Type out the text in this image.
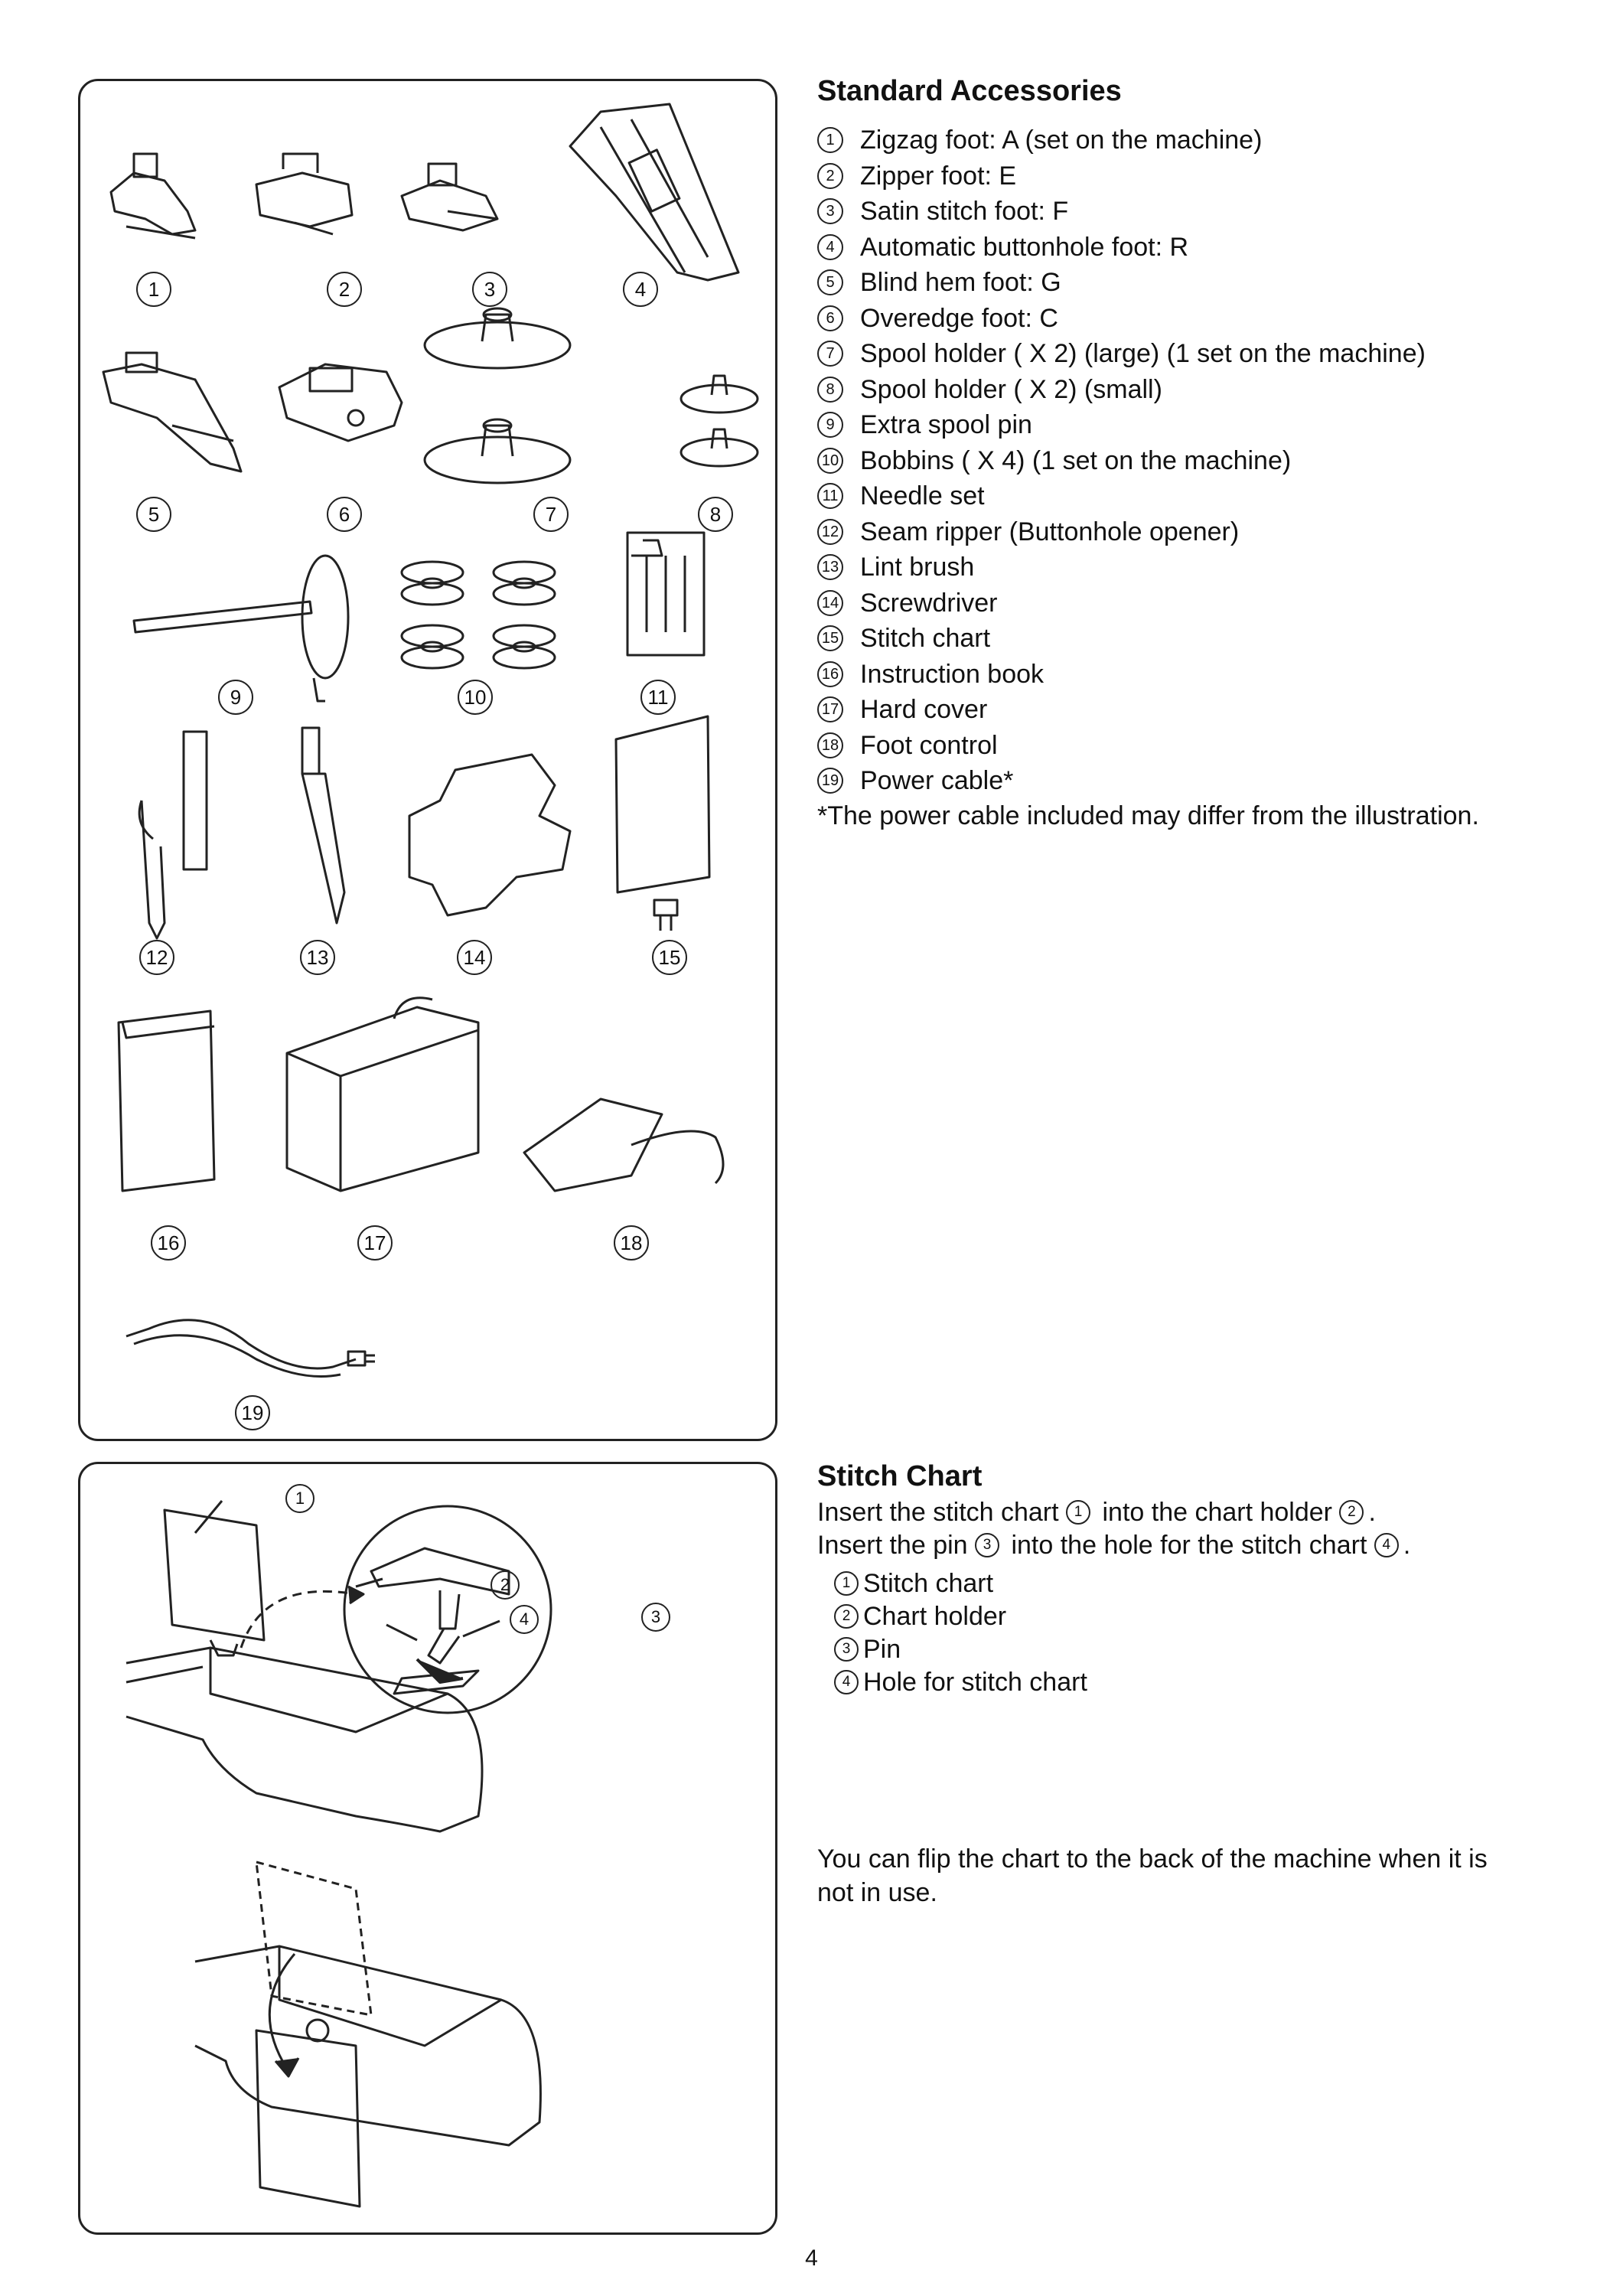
1	2	3	4
5	6	7	8
9	10	11
12	13	14	15
16	17	18
19
Standard Accessories
1 Zigzag foot: A (set on the machine)
2 Zipper foot: E
3 Satin stitch foot: F
4 Automatic buttonhole foot: R
5 Blind hem foot: G
6 Overedge foot: C
7 Spool holder ( X 2) (large) (1 set on the machine)
8 Spool holder ( X 2) (small)
9 Extra spool pin
10 Bobbins ( X 4) (1 set on the machine)
11 Needle set
12 Seam ripper (Buttonhole opener)
13 Lint brush
14 Screwdriver
15 Stitch chart
16 Instruction book
17 Hard cover
18 Foot control
19 Power cable*
*The power cable included may differ from the illustration.
1
2
3
4
Stitch Chart
Insert the stitch chart 1 into the chart holder 2 .
Insert the pin 3 into the hole for the stitch chart 4 .
1 Stitch chart
2 Chart holder
3 Pin
4 Hole for stitch chart
You can flip the chart to the back of the machine when it is not in use.
4
